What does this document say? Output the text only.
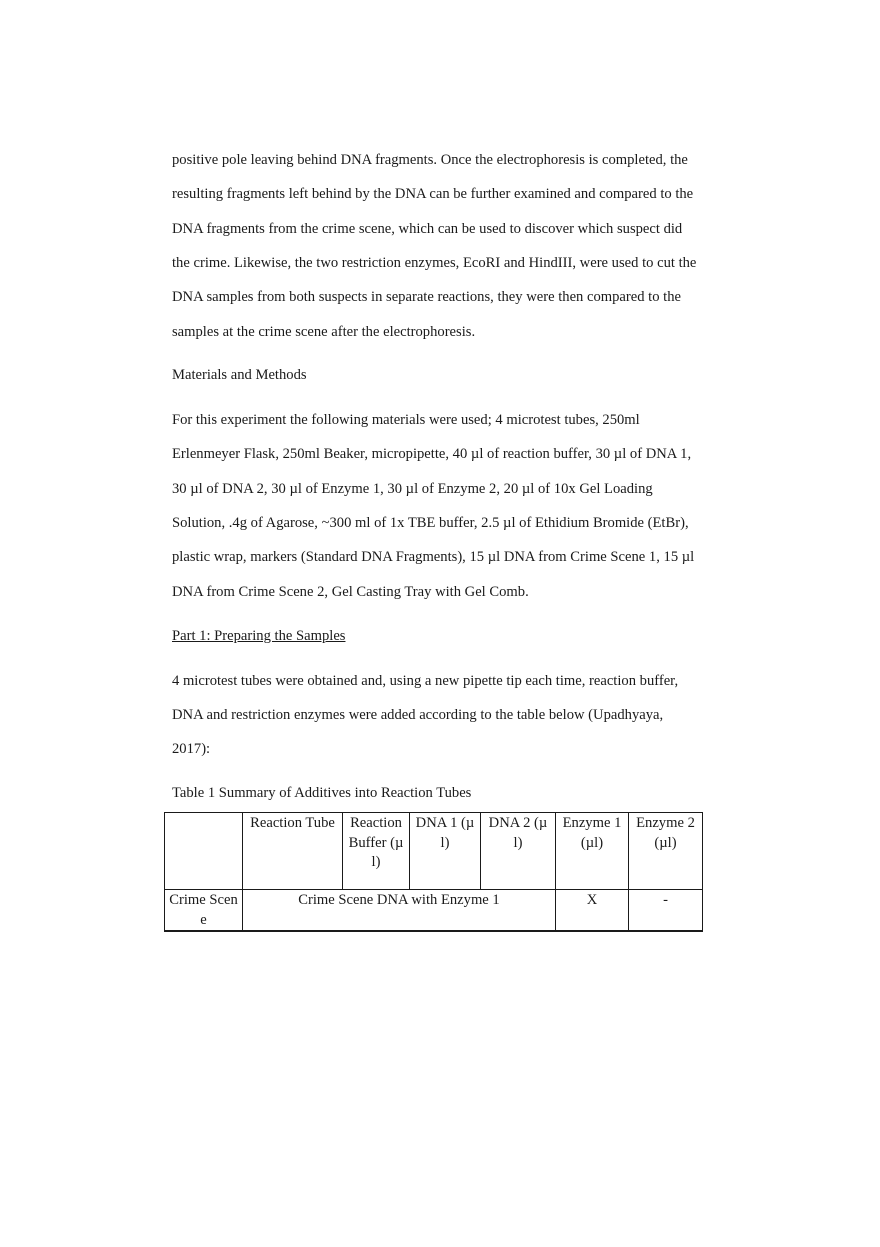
positive pole leaving behind DNA fragments. Once the electrophoresis is completed, the

resulting fragments left behind by the DNA can be further examined and compared to the

DNA fragments from the crime scene, which can be used to discover which suspect did

the crime. Likewise, the two restriction enzymes, EcoRI and HindIII, were used to cut the

DNA samples from both suspects in separate reactions, they were then compared to the

samples at the crime scene after the electrophoresis.

Materials and Methods

For this experiment the following materials were used; 4 microtest tubes, 250ml

Erlenmeyer Flask, 250ml Beaker, micropipette, 40 µl of reaction buffer, 30 µl of DNA 1,

30 µl of DNA 2, 30 µl of Enzyme 1, 30 µl of Enzyme 2, 20 µl of 10x Gel Loading

Solution, .4g of Agarose, ~300 ml of 1x TBE buffer, 2.5 µl of Ethidium Bromide (EtBr),

plastic wrap, markers (Standard DNA Fragments), 15 µl DNA from Crime Scene 1, 15 µl

DNA from Crime Scene 2, Gel Casting Tray with Gel Comb.

Part 1: Preparing the Samples

4 microtest tubes were obtained and, using a new pipette tip each time, reaction buffer,

DNA and restriction enzymes were added according to the table below (Upadhyaya,

2017):

Table 1 Summary of Additives into Reaction Tubes

	Reaction Tube	Reaction Buffer (µl)	DNA 1 (µl)	DNA 2 (µl)	Enzyme 1 (µl)	Enzyme 2 (µl)
Crime Scene	Crime Scene DNA with Enzyme 1				X	-
